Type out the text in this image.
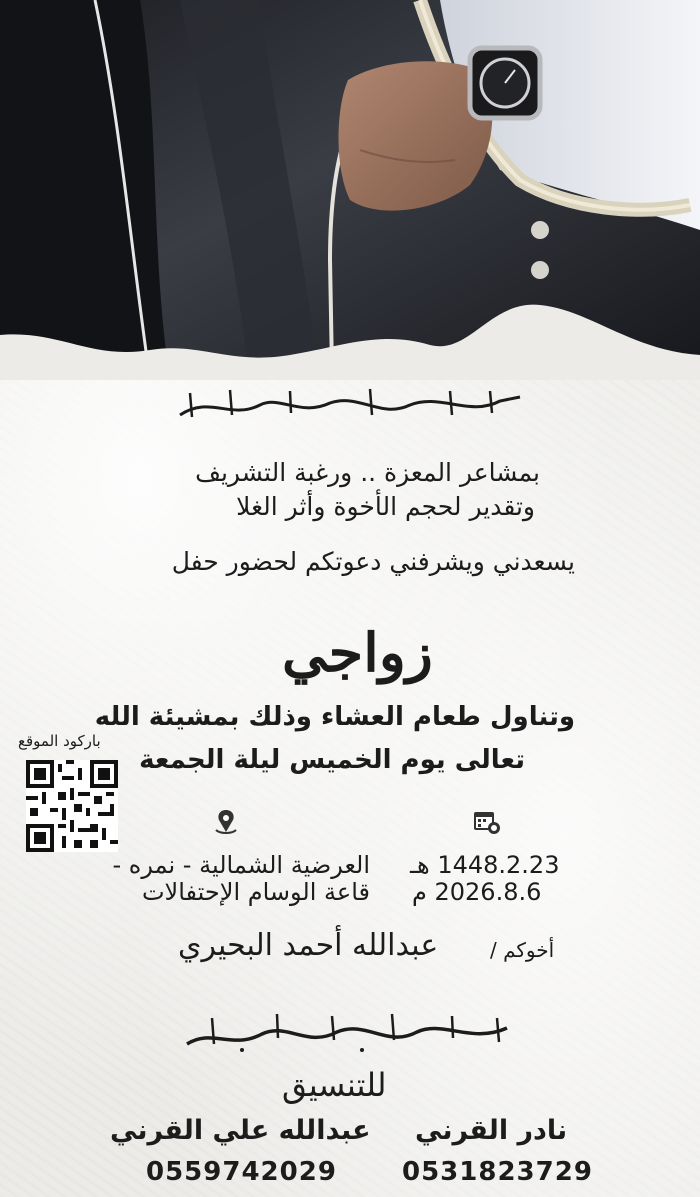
بمشاعر المعزة .. ورغبة التشريف
وتقدير لحجم الأخوة وأثر الغلا
يسعدني ويشرفني دعوتكم لحضور حفل
زواجي
وتناول طعام العشاء وذلك بمشيئة الله
تعالى يوم الخميس ليلة الجمعة
باركود الموقع
1448.2.23 هـ
2026.8.6 م
العرضية الشمالية - نمره -
قاعة الوسام الإحتفالات
أخوكم /
عبدالله أحمد البحيري
للتنسيق
نادر القرني
0531823729
عبدالله علي القرني
0559742029
